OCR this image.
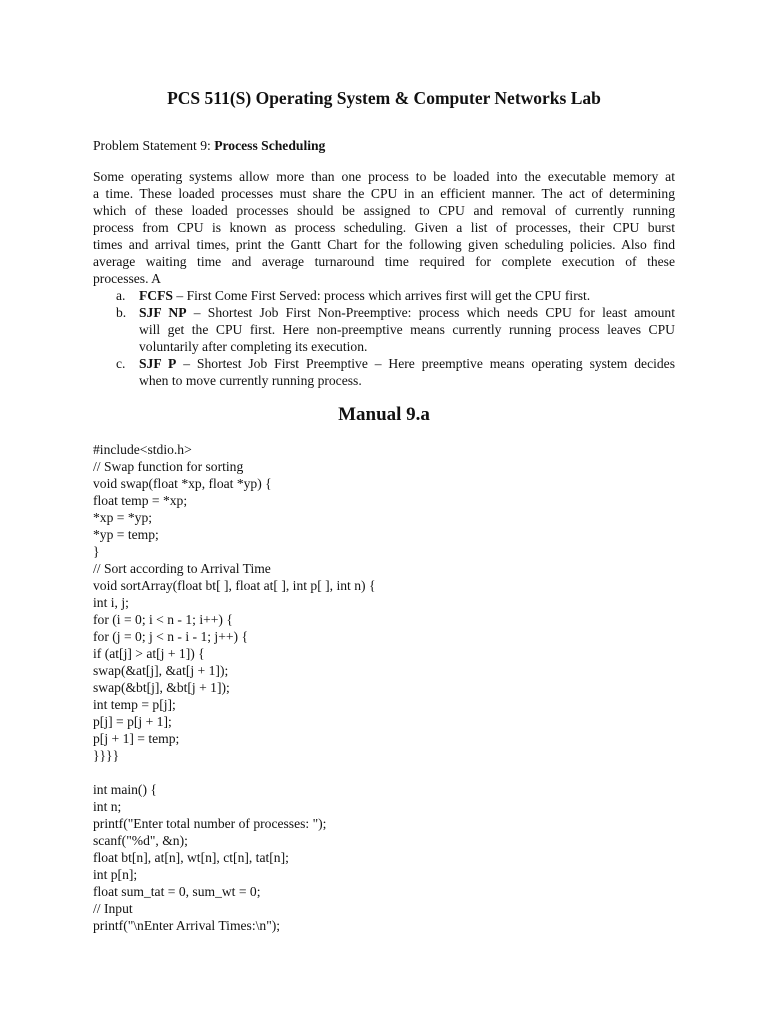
PCS 511(S) Operating System & Computer Networks Lab
Problem Statement 9: Process Scheduling
Some operating systems allow more than one process to be loaded into the executable memory at
a time. These loaded processes must share the CPU in an efficient manner. The act of determining
which of these loaded processes should be assigned to CPU and removal of currently running
process from CPU is known as process scheduling. Given a list of processes, their CPU burst
times and arrival times, print the Gantt Chart for the following given scheduling policies. Also find
average waiting time and average turnaround time required for complete execution of these
processes. A
a. FCFS – First Come First Served: process which arrives first will get the CPU first.
b. SJF NP – Shortest Job First Non-Preemptive: process which needs CPU for least amount
will get the CPU first. Here non-preemptive means currently running process leaves CPU
voluntarily after completing its execution.
c. SJF P – Shortest Job First Preemptive – Here preemptive means operating system decides
when to move currently running process.
Manual 9.a
#include<stdio.h>
// Swap function for sorting
void swap(float *xp, float *yp) {
float temp = *xp;
*xp = *yp;
*yp = temp;
}
// Sort according to Arrival Time
void sortArray(float bt[ ], float at[ ], int p[ ], int n) {
int i, j;
for (i = 0; i < n - 1; i++) {
for (j = 0; j < n - i - 1; j++) {
if (at[j] > at[j + 1]) {
swap(&at[j], &at[j + 1]);
swap(&bt[j], &bt[j + 1]);
int temp = p[j];
p[j] = p[j + 1];
p[j + 1] = temp;
}}}}
int main() {
int n;
printf("Enter total number of processes: ");
scanf("%d", &n);
float bt[n], at[n], wt[n], ct[n], tat[n];
int p[n];
float sum_tat = 0, sum_wt = 0;
// Input
printf("\nEnter Arrival Times:\n");
